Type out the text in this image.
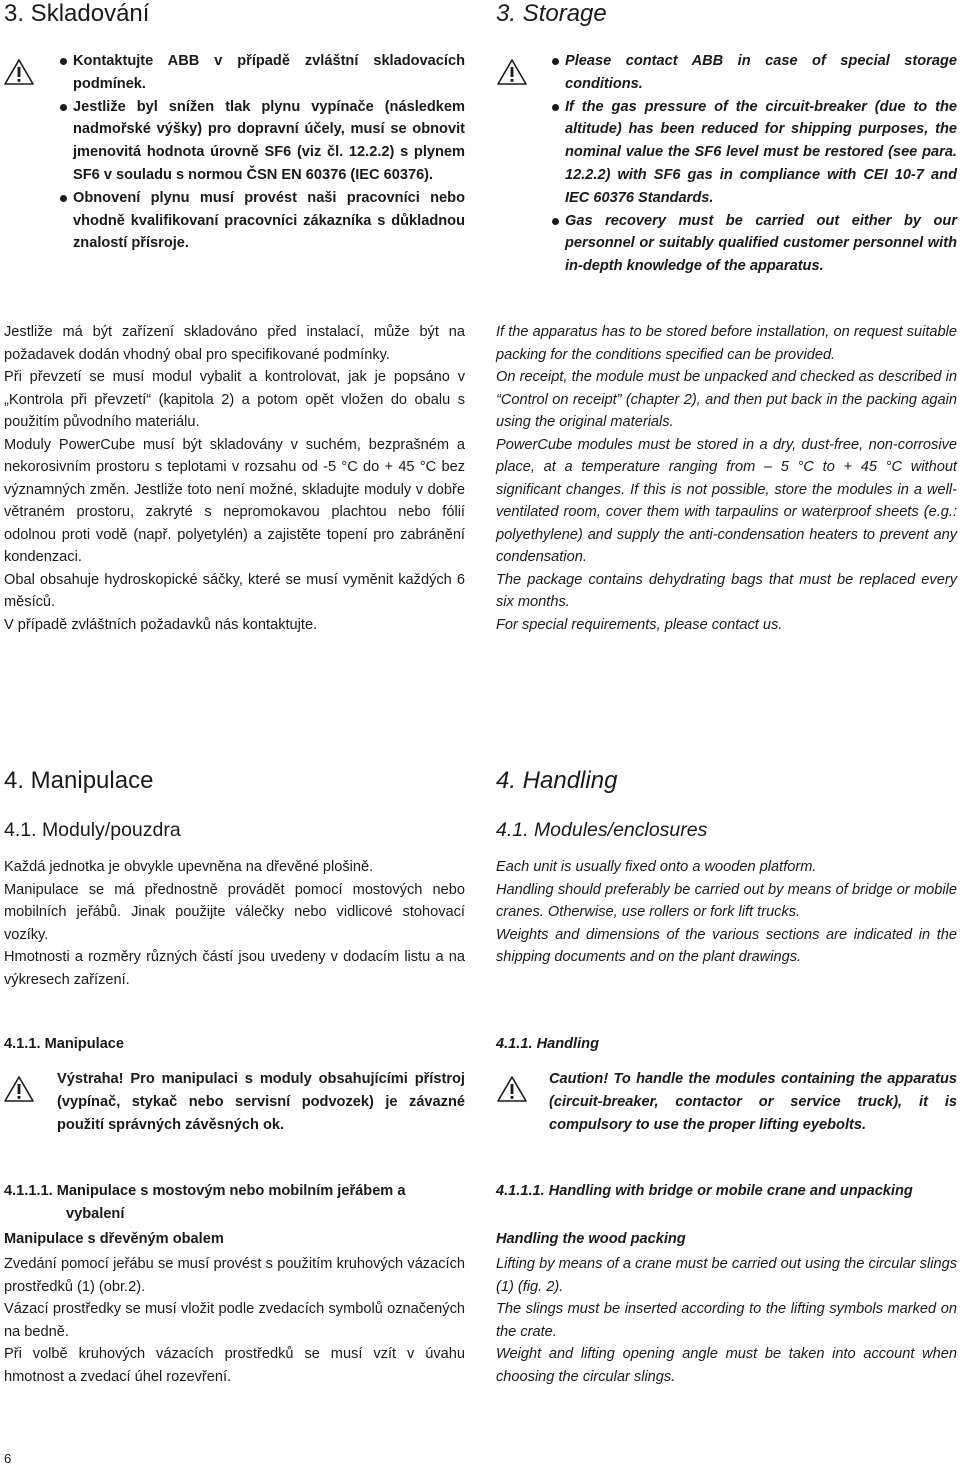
3. Skladování	3. Storage
Kontaktujte ABB v případě zvláštní skladovacích podmínek.
Jestliže byl snížen tlak plynu vypínače (následkem nadmořské výšky) pro dopravní účely, musí se obnovit jmenovitá hodnota úrovně SF6 (viz čl. 12.2.2) s plynem SF6 v souladu s normou ČSN EN 60376 (IEC 60376).
Obnovení plynu musí provést naši pracovníci nebo vhodně kvalifikovaní pracovníci zákazníka s důkladnou znalostí přísroje.
Please contact ABB in case of special storage conditions.
If the gas pressure of the circuit-breaker (due to the altitude) has been reduced for shipping purposes, the nominal value the SF6 level must be restored (see para. 12.2.2) with SF6 gas in compliance with CEI 10-7 and IEC 60376 Standards.
Gas recovery must be carried out either by our personnel or suitably qualified customer personnel with in-depth knowledge of the apparatus.

Jestliže má být zařízení skladováno před instalací, může být na požadavek dodán vhodný obal pro specifikované podmínky.

Při převzetí se musí modul vybalit a kontrolovat, jak je popsáno v „Kontrola při převzetí“ (kapitola 2) a potom opět vložen do obalu s použitím původního materiálu.

Moduly PowerCube musí být skladovány v suchém, bezprašném a nekorosivním prostoru s teplotami v rozsahu od -5 °C do + 45 °C bez významných změn. Jestliže toto není možné, skladujte moduly v dobře větraném prostoru, zakryté s nepromokavou plachtou nebo fólií odolnou proti vodě (např. polyetylén) a zajistěte topení pro zabránění kondenzaci.

Obal obsahuje hydroskopické sáčky, které se musí vyměnit každých 6 měsíců.

V případě zvláštních požadavků nás kontaktujte.

If the apparatus has to be stored before installation, on request suitable packing for the conditions specified can be provided.

On receipt, the module must be unpacked and checked as described in “Control on receipt” (chapter 2), and then put back in the packing again using the original materials.

PowerCube modules must be stored in a dry, dust-free, non-corrosive place, at a temperature ranging from – 5 °C to + 45 °C without significant changes. If this is not possible, store the modules in a well-ventilated room, cover them with tarpaulins or waterproof sheets (e.g.: polyethylene) and supply the anti-condensation heaters to prevent any condensation.

The package contains dehydrating bags that must be replaced every six months.

For special requirements, please contact us.

4. Manipulace	4. Handling
4.1. Moduly/pouzdra	4.1. Modules/enclosures

Každá jednotka je obvykle upevněna na dřevěné plošině.

Manipulace se má přednostně provádět pomocí mostových nebo mobilních jeřábů. Jinak použijte válečky nebo vidlicové stohovací vozíky.

Hmotnosti a rozměry různých částí jsou uvedeny v dodacím listu a na výkresech zařízení.

Each unit is usually fixed onto a wooden platform.

Handling should preferably be carried out by means of bridge or mobile cranes. Otherwise, use rollers or fork lift trucks.

Weights and dimensions of the various sections are indicated in the shipping documents and on the plant drawings.

4.1.1. Manipulace	4.1.1. Handling
Výstraha! Pro manipulaci s moduly obsahujícími přístroj (vypínač, stykač nebo servisní podvozek) je závazné použití správných závěsných ok.
Caution! To handle the modules containing the apparatus (circuit-breaker, contactor or service truck), it is compulsory to use the proper lifting eyebolts.
4.1.1.1. Manipulace s mostovým nebo mobilním jeřábem a vybalení
4.1.1.1. Handling with bridge or mobile crane and unpacking
Manipulace s dřevěným obalem	Handling the wood packing

Zvedání pomocí jeřábu se musí provést s použitím kruhových vázacích prostředků (1) (obr.2).

Vázací prostředky se musí vložit podle zvedacích symbolů označených na bedně.

Při volbě kruhových vázacích prostředků se musí vzít v úvahu hmotnost a zvedací úhel rozevření.

Lifting by means of a crane must be carried out using the circular slings (1) (fig. 2).

The slings must be inserted according to the lifting symbols marked on the crate.

Weight and lifting opening angle must be taken into account when choosing the circular slings.

6
